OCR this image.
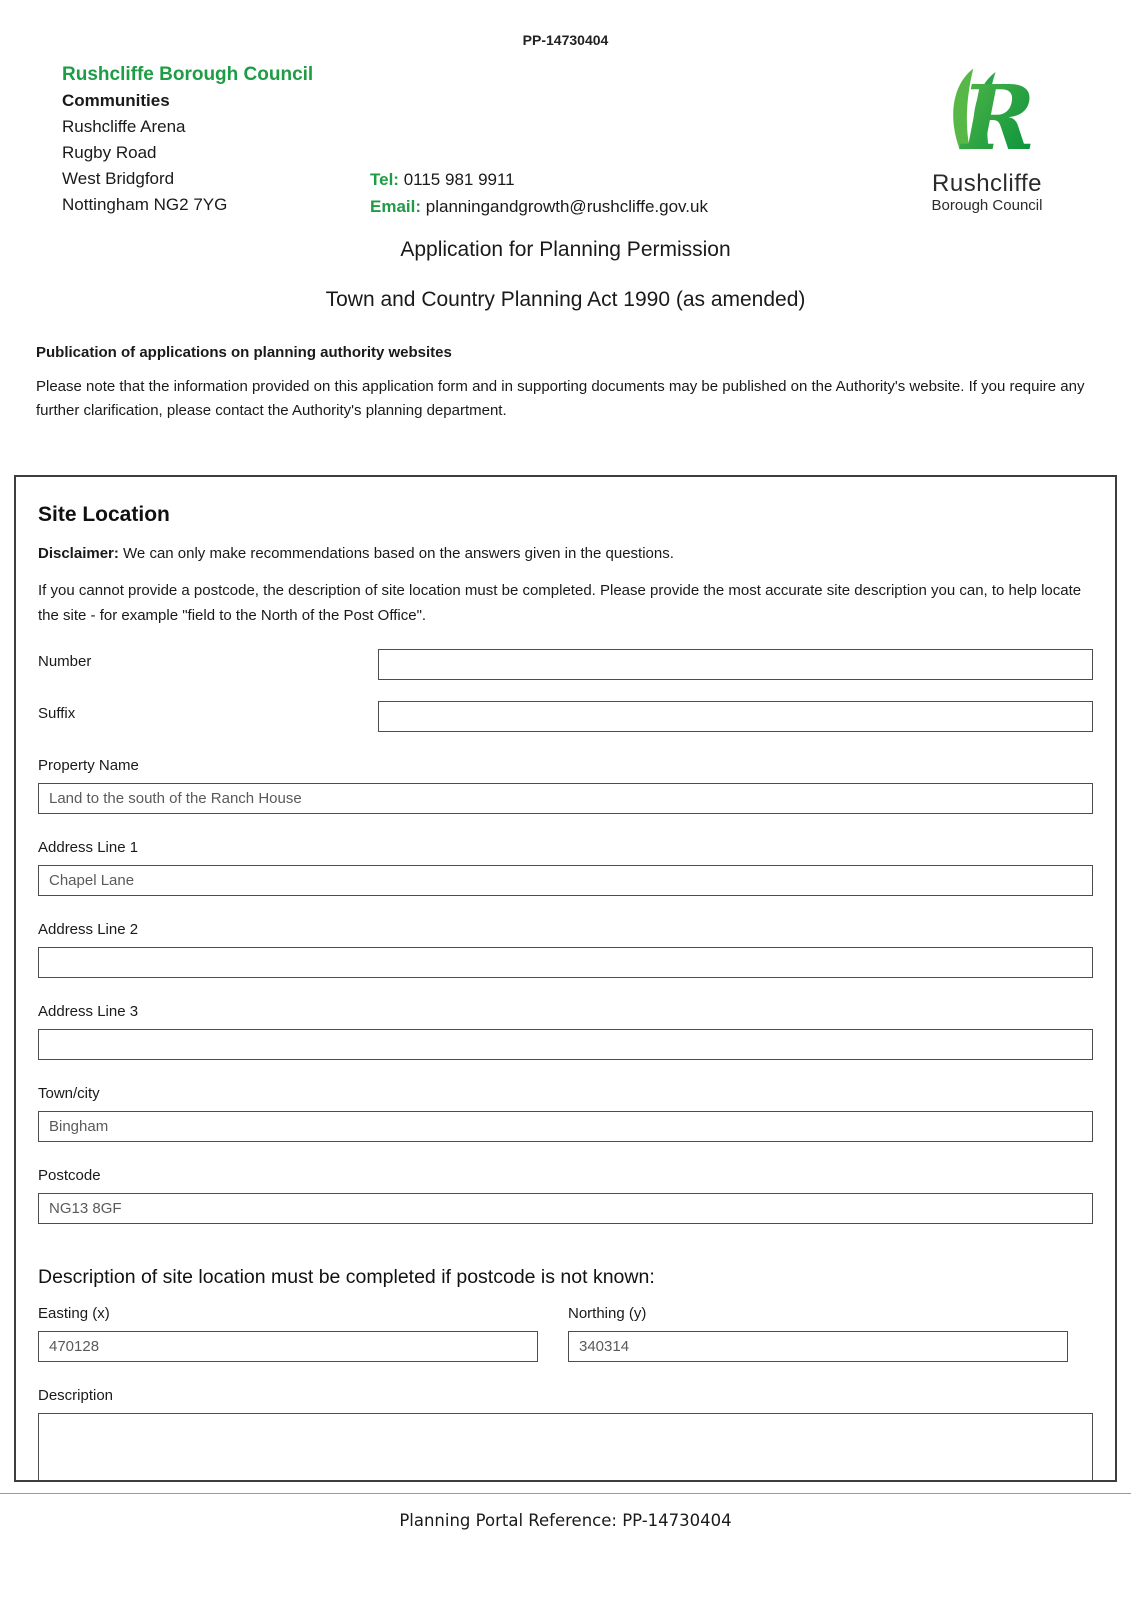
PP-14730404
Rushcliffe Borough Council
Communities
Rushcliffe Arena
Rugby Road
West Bridgford
Nottingham NG2 7YG
Tel: 0115 981 9911
Email: planningandgrowth@rushcliffe.gov.uk
R
Rushcliffe
Borough Council
Application for Planning Permission
Town and Country Planning Act 1990 (as amended)
Publication of applications on planning authority websites
Please note that the information provided on this application form and in supporting documents may be published on the Authority's website. If you require any further clarification, please contact the Authority's planning department.
Site Location
Disclaimer: We can only make recommendations based on the answers given in the questions.
If you cannot provide a postcode, the description of site location must be completed. Please provide the most accurate site description you can, to help locate the site - for example "field to the North of the Post Office".
Number
Suffix
Property Name
Land to the south of the Ranch House
Address Line 1
Chapel Lane
Address Line 2
Address Line 3
Town/city
Bingham
Postcode
NG13 8GF
Description of site location must be completed if postcode is not known:
Easting (x)
470128	Northing (y)
340314
Description
Planning Portal Reference: PP-14730404
